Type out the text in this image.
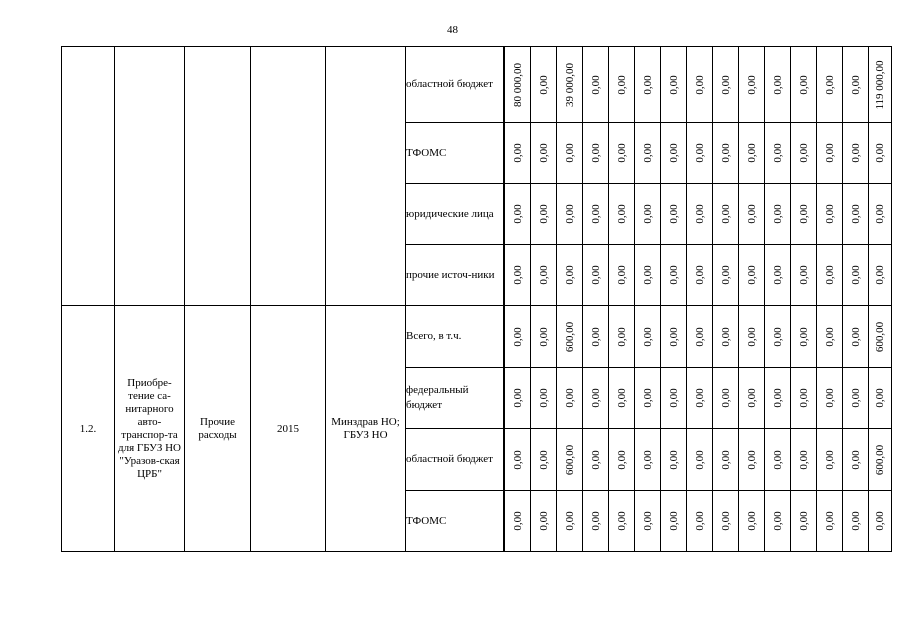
48
					областной бюджет	80 000,00	0,00	39 000,00	0,00	0,00	0,00	0,00	0,00	0,00	0,00	0,00	0,00	0,00	0,00	119 000,00

					ТФОМС	0,00	0,00	0,00	0,00	0,00	0,00	0,00	0,00	0,00	0,00	0,00	0,00	0,00	0,00	0,00

					юридические лица	0,00	0,00	0,00	0,00	0,00	0,00	0,00	0,00	0,00	0,00	0,00	0,00	0,00	0,00	0,00

					прочие источ-ники	0,00	0,00	0,00	0,00	0,00	0,00	0,00	0,00	0,00	0,00	0,00	0,00	0,00	0,00	0,00

1.2.	Приобре-тение са-нитарного авто-транспор-та для ГБУЗ НО "Уразов-ская ЦРБ"	Прочие расходы	2015	Минздрав НО; ГБУЗ НО	Всего, в т.ч.	0,00	0,00	600,00	0,00	0,00	0,00	0,00	0,00	0,00	0,00	0,00	0,00	0,00	0,00	600,00

					федеральный бюджет	0,00	0,00	0,00	0,00	0,00	0,00	0,00	0,00	0,00	0,00	0,00	0,00	0,00	0,00	0,00

					областной бюджет	0,00	0,00	600,00	0,00	0,00	0,00	0,00	0,00	0,00	0,00	0,00	0,00	0,00	0,00	600,00

					ТФОМС	0,00	0,00	0,00	0,00	0,00	0,00	0,00	0,00	0,00	0,00	0,00	0,00	0,00	0,00	0,00
